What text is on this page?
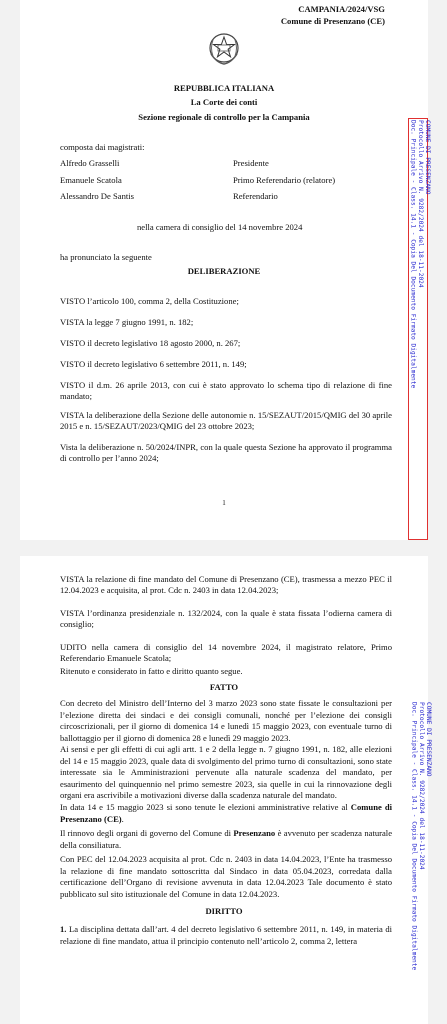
CAMPANIA/2024/VSG
Comune di Presenzano (CE)
REPUBBLICA ITALIANA
La Corte dei conti
Sezione regionale di controllo per la Campania
composta dai magistrati:
Alfredo Grasselli	Presidente
Emanuele Scatola	Primo Referendario (relatore)
Alessandro De Santis	Referendario
nella camera di consiglio del 14 novembre 2024
ha pronunciato la seguente
DELIBERAZIONE
VISTO l’articolo 100, comma 2, della Costituzione;
VISTA la legge 7 giugno 1991, n. 182;
VISTO il decreto legislativo 18 agosto 2000, n. 267;
VISTO il decreto legislativo 6 settembre 2011, n. 149;
VISTO il d.m. 26 aprile 2013, con cui è stato approvato lo schema tipo di relazione di fine mandato;
VISTA la deliberazione della Sezione delle autonomie n. 15/SEZAUT/2015/QMIG del 30 aprile 2015 e n. 15/SEZAUT/2023/QMIG del 23 ottobre 2023;
Vista la deliberazione n. 50/2024/INPR, con la quale questa Sezione ha approvato il programma di controllo per l’anno 2024;
1
COMUNE DI PRESENZANO
Protocollo Arrivo N. 9282/2024 del 18-11-2024
Doc. Principale - Class. 14.1 - Copia Del Documento Firmato Digitalmente
VISTA la relazione di fine mandato del Comune di Presenzano (CE), trasmessa a mezzo PEC il 12.04.2023 e acquisita, al prot. Cdc n. 2403 in data 12.04.2023;
VISTA l’ordinanza presidenziale n. 132/2024, con la quale è stata fissata l’odierna camera di consiglio;
UDITO nella camera di consiglio del 14 novembre 2024, il magistrato relatore, Primo Referendario Emanuele Scatola;
Ritenuto e considerato in fatto e diritto quanto segue.
FATTO
Con decreto del Ministro dell’Interno del 3 marzo 2023 sono state fissate le consultazioni per l’elezione diretta dei sindaci e dei consigli comunali, nonché per l’elezione dei consigli circoscrizionali, per il giorno di domenica 14 e lunedì 15 maggio 2023, con eventuale turno di ballottaggio per il giorno di domenica 28 e lunedì 29 maggio 2023.
Ai sensi e per gli effetti di cui agli artt. 1 e 2 della legge n. 7 giugno 1991, n. 182, alle elezioni del 14 e 15 maggio 2023, quale data di svolgimento del primo turno di consultazioni, sono state interessate sia le Amministrazioni pervenute alla naturale scadenza del mandato, per esaurimento del quinquennio nel primo semestre 2023, sia quelle in cui la rinnovazione degli organi era ascrivibile a motivazioni diverse dalla scadenza naturale del mandato.
In data 14 e 15 maggio 2023 si sono tenute le elezioni amministrative relative al Comune di Presenzano (CE).
Il rinnovo degli organi di governo del Comune di Presenzano è avvenuto per scadenza naturale della consiliatura.
Con PEC del 12.04.2023 acquisita al prot. Cdc n. 2403 in data 14.04.2023, l’Ente ha trasmesso la relazione di fine mandato sottoscritta dal Sindaco in data 05.04.2023, corredata dalla certificazione dell’Organo di revisione avvenuta in data 12.04.2023 Tale documento è stato pubblicato sul sito istituzionale del Comune in data 12.04.2023.
DIRITTO
1. La disciplina dettata dall’art. 4 del decreto legislativo 6 settembre 2011, n. 149, in materia di relazione di fine mandato, attua il principio contenuto nell’articolo 2, comma 2, lettera
COMUNE DI PRESENZANO
Protocollo Arrivo N. 9282/2024 del 18-11-2024
Doc. Principale - Class. 14.1 - Copia Del Documento Firmato Digitalmente
